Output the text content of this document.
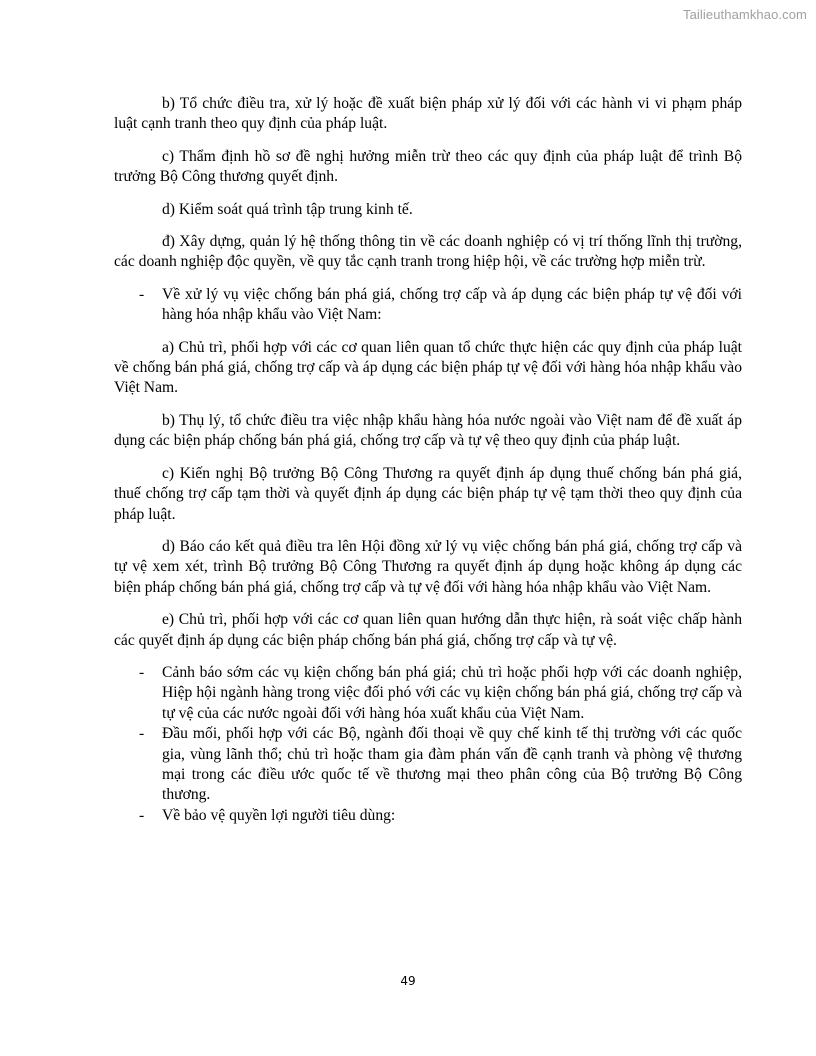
Tailieuthamkhao.com

b) Tổ chức điều tra, xử lý hoặc đề xuất biện pháp xử lý đối với các hành vi vi phạm pháp luật cạnh tranh theo quy định của pháp luật.

c) Thẩm định hồ sơ đề nghị hưởng miễn trừ theo các quy định của pháp luật để trình Bộ trưởng Bộ Công thương quyết định.

d) Kiểm soát quá trình tập trung kinh tế.

đ) Xây dựng, quản lý hệ thống thông tin về các doanh nghiệp có vị trí thống lĩnh thị trường, các doanh nghiệp độc quyền, về quy tắc cạnh tranh trong hiệp hội, về các trường hợp miễn trừ.

- Về xử lý vụ việc chống bán phá giá, chống trợ cấp và áp dụng các biện pháp tự vệ đối với hàng hóa nhập khẩu vào Việt Nam:

a) Chủ trì, phối hợp với các cơ quan liên quan tổ chức thực hiện các quy định của pháp luật về chống bán phá giá, chống trợ cấp và áp dụng các biện pháp tự vệ đối với hàng hóa nhập khẩu vào Việt Nam.

b) Thụ lý, tổ chức điều tra việc nhập khẩu hàng hóa nước ngoài vào Việt nam để đề xuất áp dụng các biện pháp chống bán phá giá, chống trợ cấp và tự vệ theo quy định của pháp luật.

c) Kiến nghị Bộ trưởng Bộ Công Thương ra quyết định áp dụng thuế chống bán phá giá, thuế chống trợ cấp tạm thời và quyết định áp dụng các biện pháp tự vệ tạm thời theo quy định của pháp luật.

d) Báo cáo kết quả điều tra lên Hội đồng xử lý vụ việc chống bán phá giá, chống trợ cấp và tự vệ xem xét, trình Bộ trưởng Bộ Công Thương ra quyết định áp dụng hoặc không áp dụng các biện pháp chống bán phá giá, chống trợ cấp và tự vệ đối với hàng hóa nhập khẩu vào Việt Nam.

e) Chủ trì, phối hợp với các cơ quan liên quan hướng dẫn thực hiện, rà soát việc chấp hành các quyết định áp dụng các biện pháp chống bán phá giá, chống trợ cấp và tự vệ.

- Cảnh báo sớm các vụ kiện chống bán phá giá; chủ trì hoặc phối hợp với các doanh nghiệp, Hiệp hội ngành hàng trong việc đối phó với các vụ kiện chống bán phá giá, chống trợ cấp và tự vệ của các nước ngoài đối với hàng hóa xuất khẩu của Việt Nam.
- Đầu mối, phối hợp với các Bộ, ngành đối thoại về quy chế kinh tế thị trường với các quốc gia, vùng lãnh thổ; chủ trì hoặc tham gia đàm phán vấn đề cạnh tranh và phòng vệ thương mại trong các điều ước quốc tế về thương mại theo phân công của Bộ trưởng Bộ Công thương.
- Về bảo vệ quyền lợi người tiêu dùng:
49
